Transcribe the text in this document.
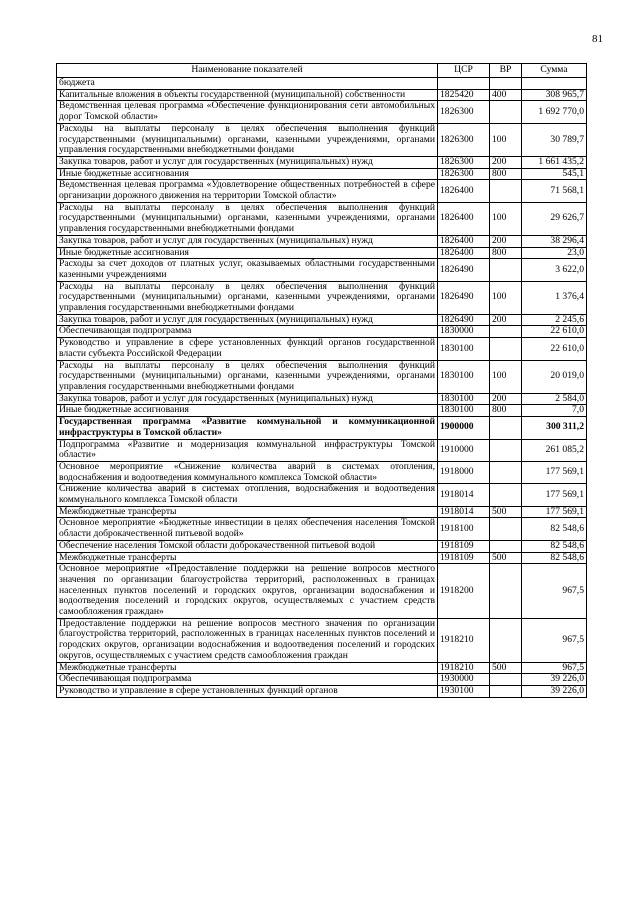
81
Наименование показателей	ЦСР	ВР	Сумма
бюджета			
Капитальные вложения в объекты государственной (муниципальной) собственности	1825420	400	308 965,7
Ведомственная целевая программа «Обеспечение функционирования сети автомобильных дорог Томской области»	1826300		1 692 770,0
Расходы на выплаты персоналу в целях обеспечения выполнения функций государственными (муниципальными) органами, казенными учреждениями, органами управления государственными внебюджетными фондами	1826300	100	30 789,7
Закупка товаров, работ и услуг для государственных (муниципальных) нужд	1826300	200	1 661 435,2
Иные бюджетные ассигнования	1826300	800	545,1
Ведомственная целевая программа «Удовлетворение общественных потребностей в сфере организации дорожного движения на территории Томской области»	1826400		71 568,1
Расходы на выплаты персоналу в целях обеспечения выполнения функций государственными (муниципальными) органами, казенными учреждениями, органами управления государственными внебюджетными фондами	1826400	100	29 626,7
Закупка товаров, работ и услуг для государственных (муниципальных) нужд	1826400	200	38 296,4
Иные бюджетные ассигнования	1826400	800	23,0
Расходы за счет доходов от платных услуг, оказываемых областными государственными казенными учреждениями	1826490		3 622,0
Расходы на выплаты персоналу в целях обеспечения выполнения функций государственными (муниципальными) органами, казенными учреждениями, органами управления государственными внебюджетными фондами	1826490	100	1 376,4
Закупка товаров, работ и услуг для государственных (муниципальных) нужд	1826490	200	2 245,6
Обеспечивающая подпрограмма	1830000		22 610,0
Руководство и управление в сфере установленных функций органов государственной власти субъекта Российской Федерации	1830100		22 610,0
Расходы на выплаты персоналу в целях обеспечения выполнения функций государственными (муниципальными) органами, казенными учреждениями, органами управления государственными внебюджетными фондами	1830100	100	20 019,0
Закупка товаров, работ и услуг для государственных (муниципальных) нужд	1830100	200	2 584,0
Иные бюджетные ассигнования	1830100	800	7,0
Государственная программа «Развитие коммунальной и коммуникационной инфраструктуры в Томской области»	1900000		300 311,2
Подпрограмма «Развитие и модернизация коммунальной инфраструктуры Томской области»	1910000		261 085,2
Основное мероприятие «Снижение количества аварий в системах отопления, водоснабжения и водоотведения коммунального комплекса Томской области»	1918000		177 569,1
Снижение количества аварий в системах отопления, водоснабжения и водоотведения коммунального комплекса Томской области	1918014		177 569,1
Межбюджетные трансферты	1918014	500	177 569,1
Основное мероприятие «Бюджетные инвестиции в целях обеспечения населения Томской области доброкачественной питьевой водой»	1918100		82 548,6
Обеспечение населения Томской области доброкачественной питьевой водой	1918109		82 548,6
Межбюджетные трансферты	1918109	500	82 548,6
Основное мероприятие «Предоставление поддержки на решение вопросов местного значения по организации благоустройства территорий, расположенных в границах населенных пунктов поселений и городских округов, организации водоснабжения и водоотведения поселений и городских округов, осуществляемых с участием средств самообложения граждан»	1918200		967,5
Предоставление поддержки на решение вопросов местного значения по организации благоустройства территорий, расположенных в границах населенных пунктов поселений и городских округов, организации водоснабжения и водоотведения поселений и городских округов, осуществляемых с участием средств самообложения граждан	1918210		967,5
Межбюджетные трансферты	1918210	500	967,5
Обеспечивающая подпрограмма	1930000		39 226,0
Руководство и управление в сфере установленных функций органов	1930100		39 226,0
